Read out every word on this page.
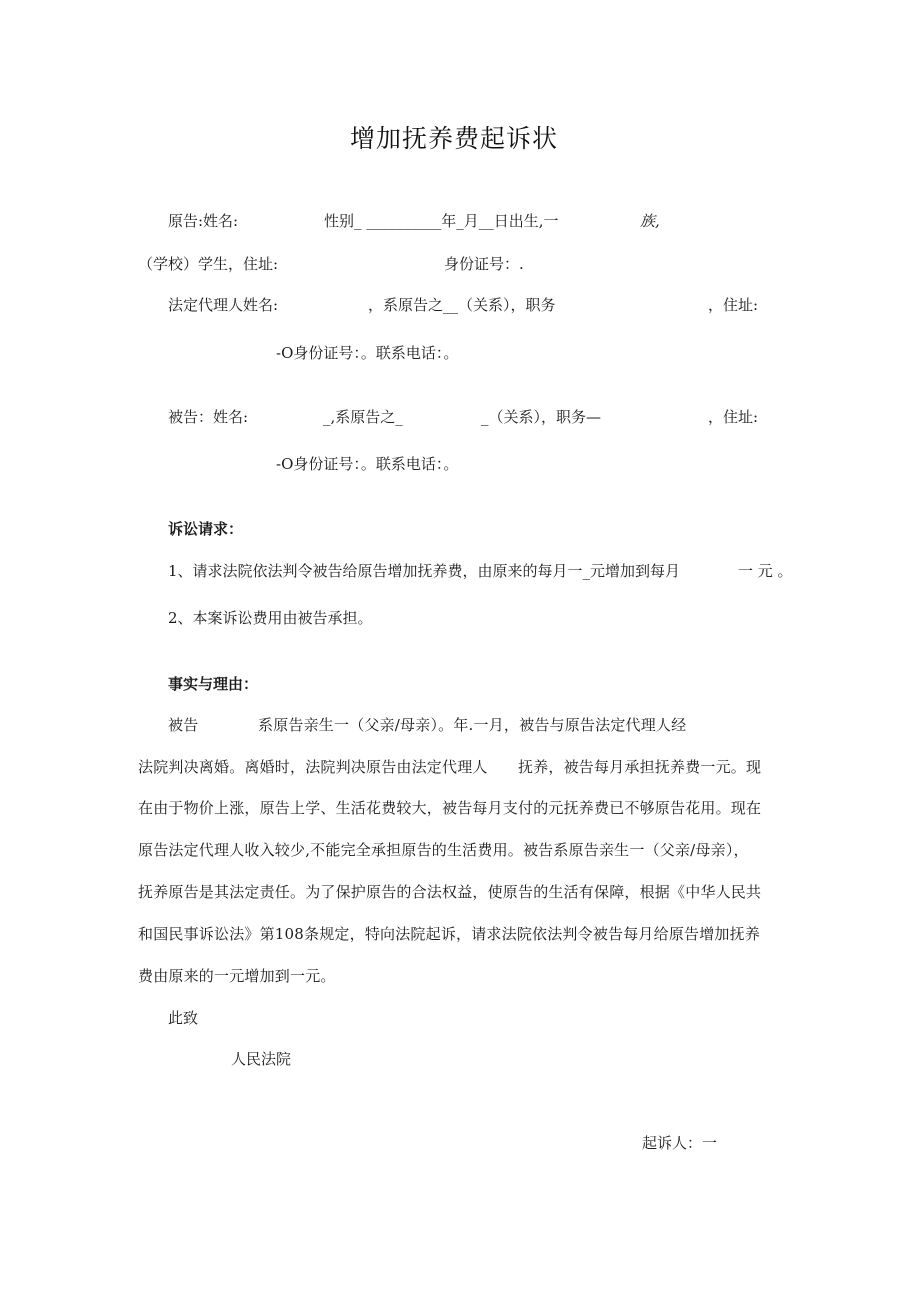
增加抚养费起诉状
原告:姓名:	性别_ __________年_月__日出生,一	族,
（学校）学生，住址:	身份证号：.
法定代理人姓名:	，系原告之__（关系），职务	，住址:
-O身份证号：。联系电话：。
被告：姓名:	_,系原告之_	_（关系），职务—	，住址:
-O身份证号：。联系电话：。
诉讼请求：
1、请求法院依法判令被告给原告增加抚养费，由原来的每月一_元增加到每月	一 元 。
2、本案诉讼费用由被告承担。
事实与理由：
被告	系原告亲生一（父亲/母亲）。年.一月，被告与原告法定代理人经
法院判决离婚。离婚时，法院判决原告由法定代理人 抚养，被告每月承担抚养费一元。现
在由于物价上涨，原告上学、生活花费较大，被告每月支付的元抚养费已不够原告花用。现在
原告法定代理人收入较少,不能完全承担原告的生活费用。被告系原告亲生一（父亲/母亲），
抚养原告是其法定责任。为了保护原告的合法权益，使原告的生活有保障，根据《中华人民共
和国民事诉讼法》第108条规定，特向法院起诉，请求法院依法判令被告每月给原告增加抚养
费由原来的一元增加到一元。
此致
人民法院
起诉人：一
